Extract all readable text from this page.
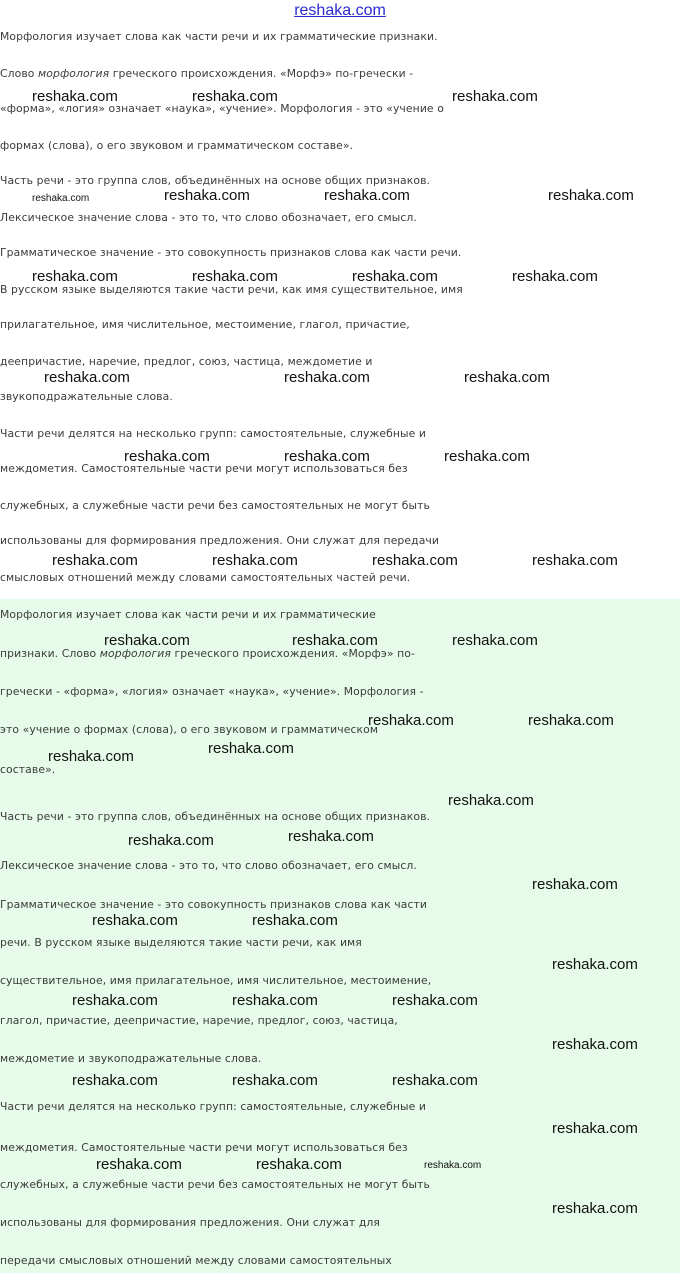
reshaka.com

Морфология изучает слова как части речи и их грамматические признаки.

Слово морфология греческого происхождения. «Морфэ» по-гречески -

«форма», «логия» означает «наука», «учение». Морфология - это «учение о

формах (слова), о его звуковом и грамматическом составе».

Часть речи - это группа слов, объединённых на основе общих признаков.

Лексическое значение слова - это то, что слово обозначает, его смысл.

Грамматическое значение - это совокупность признаков слова как части речи.

В русском языке выделяются такие части речи, как имя существительное, имя

прилагательное, имя числительное, местоимение, глагол, причастие,

деепричастие, наречие, предлог, союз, частица, междометие и

звукоподражательные слова.

Части речи делятся на несколько групп: самостоятельные, служебные и

междометия. Самостоятельные части речи могут использоваться без

служебных, а служебные части речи без самостоятельных не могут быть

использованы для формирования предложения. Они служат для передачи

смысловых отношений между словами самостоятельных частей речи.

Морфология изучает слова как части речи и их грамматические

признаки. Слово морфология греческого происхождения. «Морфэ» по-

гречески - «форма», «логия» означает «наука», «учение». Морфология -

это «учение о формах (слова), о его звуковом и грамматическом

составе».

Часть речи - это группа слов, объединённых на основе общих признаков.

Лексическое значение слова - это то, что слово обозначает, его смысл.

Грамматическое значение - это совокупность признаков слова как части

речи. В русском языке выделяются такие части речи, как имя

существительное, имя прилагательное, имя числительное, местоимение,

глагол, причастие, деепричастие, наречие, предлог, союз, частица,

междометие и звукоподражательные слова.

Части речи делятся на несколько групп: самостоятельные, служебные и

междометия. Самостоятельные части речи могут использоваться без

служебных, а служебные части речи без самостоятельных не могут быть

использованы для формирования предложения. Они служат для

передачи смысловых отношений между словами самостоятельных

reshaka.com	reshaka.com	reshaka.com
reshaka.com	reshaka.com	reshaka.com	reshaka.com
reshaka.com	reshaka.com	reshaka.com	reshaka.com
reshaka.com	reshaka.com	reshaka.com
reshaka.com	reshaka.com	reshaka.com
reshaka.com	reshaka.com	reshaka.com	reshaka.com
reshaka.com	reshaka.com	reshaka.com
reshaka.com	reshaka.com
reshaka.com
reshaka.com
reshaka.com
reshaka.com
reshaka.com
reshaka.com
reshaka.com	reshaka.com
reshaka.com
reshaka.com	reshaka.com	reshaka.com
reshaka.com
reshaka.com	reshaka.com	reshaka.com
reshaka.com
reshaka.com	reshaka.com	reshaka.com
reshaka.com
